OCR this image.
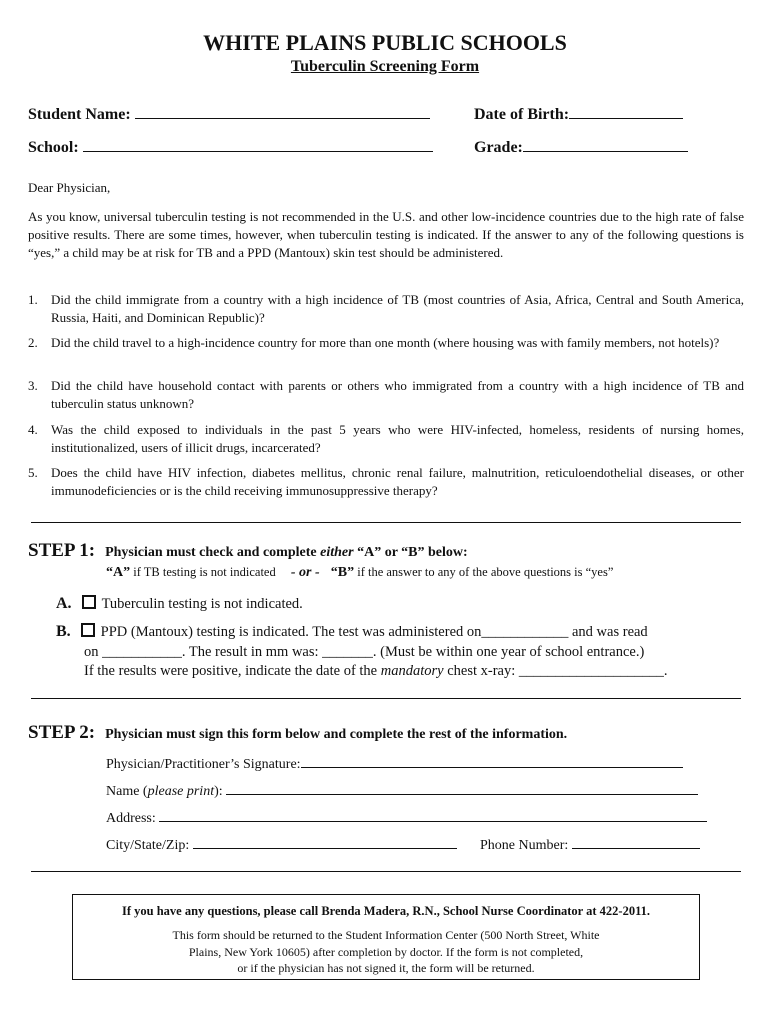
WHITE PLAINS PUBLIC SCHOOLS
Tuberculin Screening Form
Student Name:	Date of Birth:
School:	Grade:
Dear Physician,
As you know, universal tuberculin testing is not recommended in the U.S. and other low-incidence countries due to the high rate of false positive results. There are some times, however, when tuberculin testing is indicated. If the answer to any of the following questions is “yes,” a child may be at risk for TB and a PPD (Mantoux) skin test should be administered.
1. Did the child immigrate from a country with a high incidence of TB (most countries of Asia, Africa, Central and South America, Russia, Haiti, and Dominican Republic)?
2. Did the child travel to a high-incidence country for more than one month (where housing was with family members, not hotels)?
3. Did the child have household contact with parents or others who immigrated from a country with a high incidence of TB and tuberculin status unknown?
4. Was the child exposed to individuals in the past 5 years who were HIV-infected, homeless, residents of nursing homes, institutionalized, users of illicit drugs, incarcerated?
5. Does the child have HIV infection, diabetes mellitus, chronic renal failure, malnutrition, reticuloendothelial diseases, or other immunodeficiencies or is the child receiving immunosuppressive therapy?
STEP 1: Physician must check and complete either “A” or “B” below:
“A” if TB testing is not indicated - or - “B” if the answer to any of the above questions is “yes”
A. Tuberculin testing is not indicated.
B. PPD (Mantoux) testing is indicated. The test was administered on____________ and was read
on ___________. The result in mm was: _______. (Must be within one year of school entrance.)
If the results were positive, indicate the date of the mandatory chest x-ray: ____________________.
STEP 2: Physician must sign this form below and complete the rest of the information.
Physician/Practitioner’s Signature:
Name (please print):
Address:
City/State/Zip:	Phone Number:
If you have any questions, please call Brenda Madera, R.N., School Nurse Coordinator at 422-2011.
This form should be returned to the Student Information Center (500 North Street, White
Plains, New York 10605) after completion by doctor. If the form is not completed,
or if the physician has not signed it, the form will be returned.
